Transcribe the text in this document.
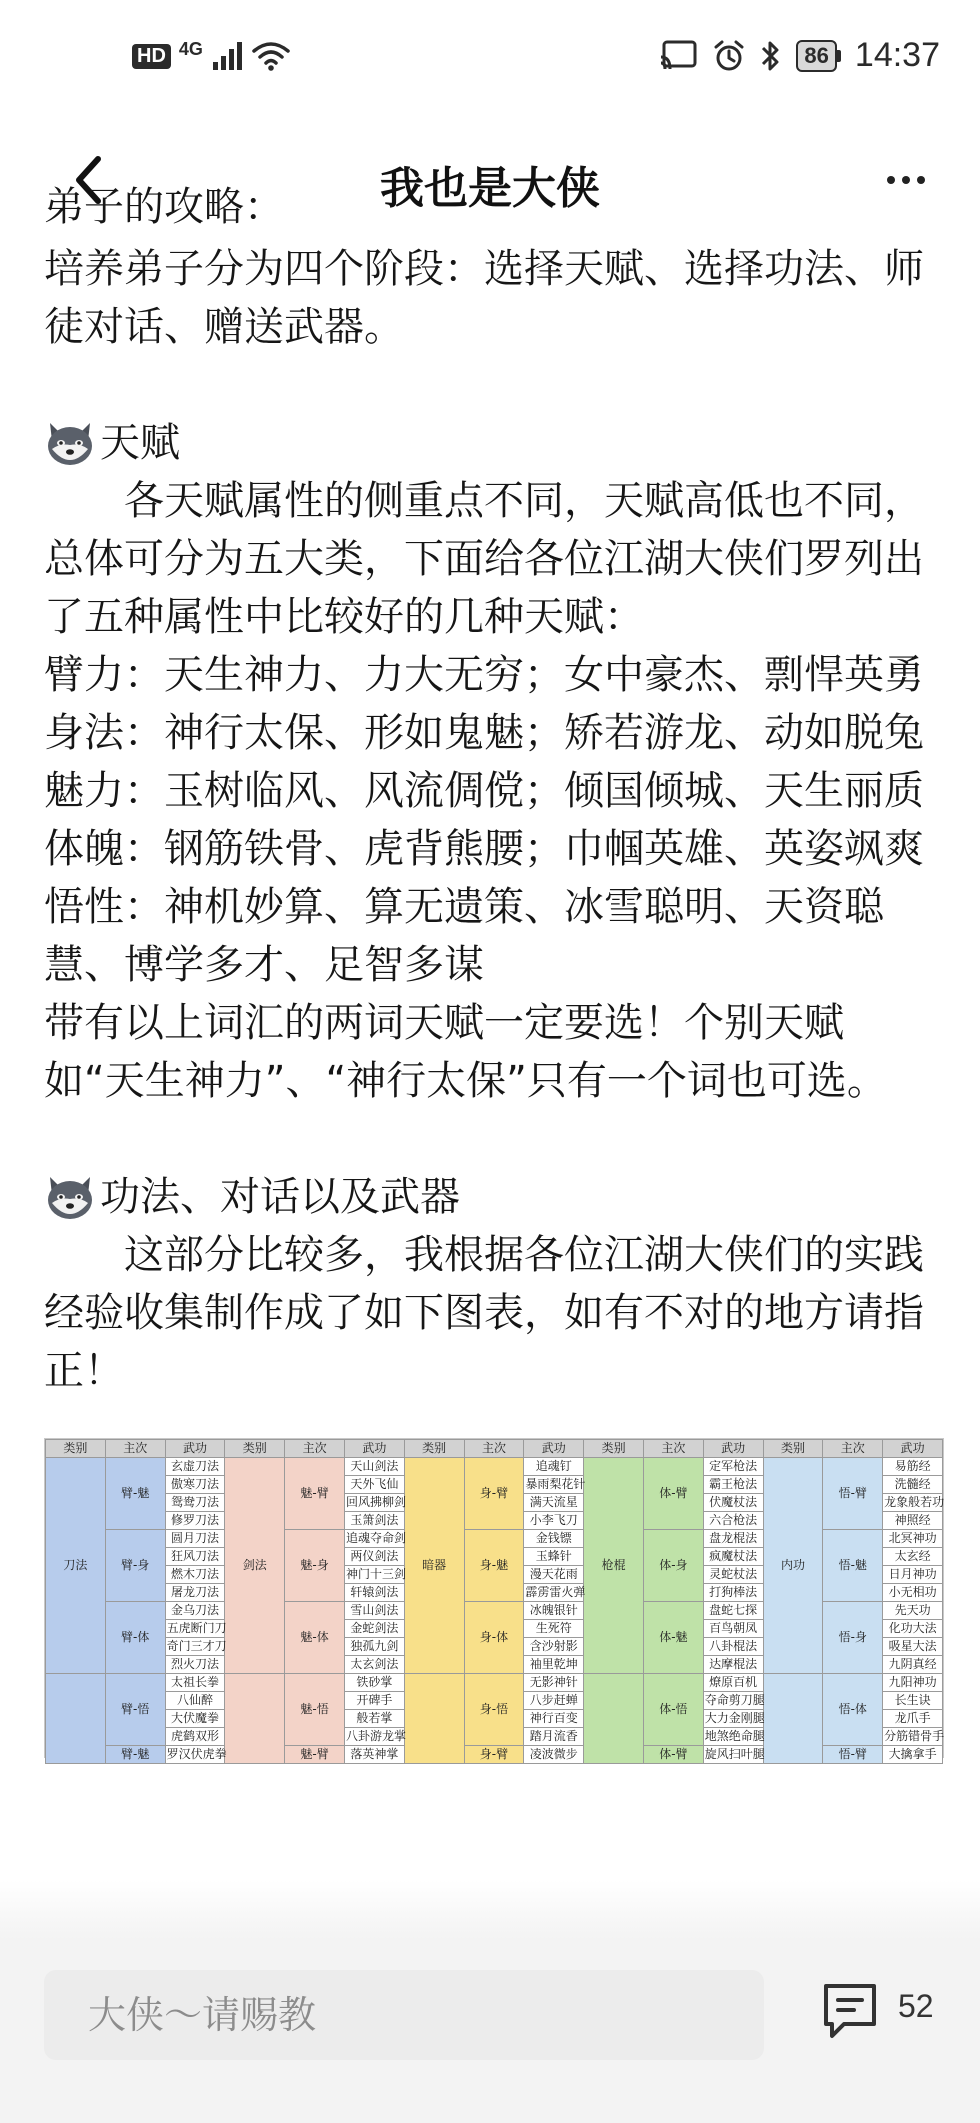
HD 4G	86 14:37
我也是大侠
弟子的攻略：

培养弟子分为四个阶段：选择天赋、选择功法、师徒对话、赠送武器。

天赋

各天赋属性的侧重点不同，天赋高低也不同，总体可分为五大类，下面给各位江湖大侠们罗列出了五种属性中比较好的几种天赋：

臂力：天生神力、力大无穷；女中豪杰、剽悍英勇

身法：神行太保、形如鬼魅；矫若游龙、动如脱兔

魅力：玉树临风、风流倜傥；倾国倾城、天生丽质

体魄：钢筋铁骨、虎背熊腰；巾帼英雄、英姿飒爽

悟性：神机妙算、算无遗策、冰雪聪明、天资聪慧、博学多才、足智多谋

带有以上词汇的两词天赋一定要选！个别天赋如“天生神力”、“神行太保”只有一个词也可选。

功法、对话以及武器

这部分比较多，我根据各位江湖大侠们的实践经验收集制作成了如下图表，如有不对的地方请指正！

类别	主次	武功	类别	主次	武功	类别	主次	武功	类别	主次	武功	类别	主次	武功
刀法	臂-魅	玄虚刀法	剑法	魅-臂	天山剑法	暗器	身-臂	追魂钉	枪棍	体-臂	定军枪法	内功	悟-臂	易筋经
		傲寒刀法			天外飞仙			暴雨梨花针			霸王枪法			洗髓经
		鸳鸯刀法			回风拂柳剑			满天流星			伏魔杖法			龙象般若功
		修罗刀法			玉箫剑法			小李飞刀			六合枪法			神照经
	臂-身	圆月刀法		魅-身	追魂夺命剑		身-魅	金钱镖		体-身	盘龙棍法		悟-魅	北冥神功
		狂风刀法			两仪剑法			玉蜂针			疯魔杖法			太玄经
		燃木刀法			神门十三剑			漫天花雨			灵蛇杖法			日月神功
		屠龙刀法			轩辕剑法			霹雳雷火弹			打狗棒法			小无相功
	臂-体	金乌刀法		魅-体	雪山剑法		身-体	冰魄银针		体-魅	盘蛇七探		悟-身	先天功
		五虎断门刀			金蛇剑法			生死符			百鸟朝凤			化功大法
		奇门三才刀			独孤九剑			含沙射影			八卦棍法			吸星大法
		烈火刀法			太玄剑法			袖里乾坤			达摩棍法			九阴真经
	臂-悟	太祖长拳		魅-悟	铁砂掌		身-悟	无影神针		体-悟	燎原百机		悟-体	九阳神功
		八仙醉			开碑手			八步赶蝉			夺命剪刀腿			长生诀
		大伏魔拳			般若掌			神行百变			大力金刚腿			龙爪手
		虎鹤双形			八卦游龙掌			踏月流香			地煞绝命腿			分筋错骨手
	臂-魅	罗汉伏虎拳		魅-臂	落英神掌		身-臂	凌波微步		体-臂	旋风扫叶腿		悟-臂	大擒拿手
大侠～请赐教	52
